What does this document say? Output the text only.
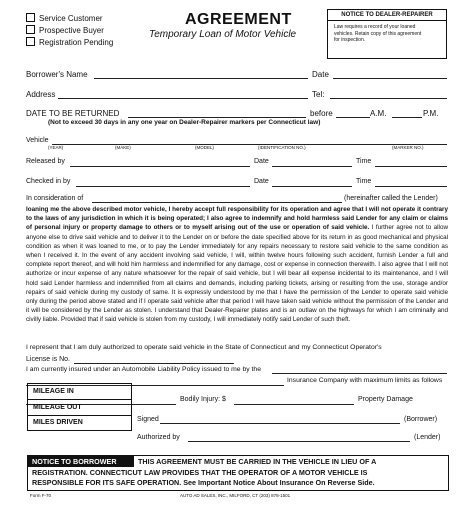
Service Customer
Prospective Buyer
Registration Pending
AGREEMENT
Temporary Loan of Motor Vehicle
NOTICE TO DEALER-REPAIRER
Law requires a record of your loaned
vehicles. Retain copy of this agreement
for inspection.
Borrower's Name	Date
Address	Tel:
DATE TO BE RETURNED	before	A.M.	P.M.
(Not to exceed 30 days in any one year on Dealer-Repairer markers per Connecticut law)
Vehicle
(YEAR)	(MAKE)	(MODEL)	(IDENTIFICATION NO.)	(MARKER NO.)
Released by	Date	Time
Checked in by	Date	Time
In consideration of	(hereinafter called the Lender)
loaning me the above described motor vehicle, I hereby accept full responsibility for its operation and agree that I will not operate it contrary to the laws of any jurisdiction in which it is being operated; I also agree to indemnify and hold harmless said Lender for any claim or claims of personal injury or property damage to others or to myself arising out of the use or operation of said vehicle. I further agree not to allow anyone else to drive said vehicle and to deliver it to the Lender on or before the date specified above for its return in as good mechanical and physical condition as when it was loaned to me, or to pay the Lender immediately for any repairs necessary to restore said vehicle to the same condition as when I received it. In the event of any accident involving said vehicle, I will, within twelve hours following such accident, furnish Lender a full and complete report thereof, and will hold him harmless and indemnified for any damage, cost or expense in connection therewith. I also agree that I will not authorize or incur expense of any nature whatsoever for the repair of said vehicle, but I will bear all expense incidental to its maintenance, and I will hold said Lender harmless and indemnified from all claims and demands, including parking tickets, arising or resulting from the use, storage and/or repairs of said vehicle during my custody of same. It is expressly understood by me that I have the permission of the Lender to operate said vehicle only during the period above stated and if I operate said vehicle after that period I will have taken said vehicle without the permission of the Lender and it will be considered by the Lender as stolen. I understand that Dealer-Repairer plates and is an outlaw on the highways for which I am criminally and civilly liable. Provided that if said vehicle is stolen from my custody, I will immediately notify said Lender of such theft.
I represent that I am duly authorized to operate said vehicle in the State of Connecticut and my Connecticut Operator's
License is No.
I am currently insured under an Automobile Liability Policy issued to me by the
Insurance Company with maximum limits as follows
Bodily Injury: $	Property Damage
MILEAGE IN
MILEAGE OUT
MILES DRIVEN	Signed	(Borrower)
Authorized by	(Lender)
NOTICE TO BORROWER	THIS AGREEMENT MUST BE CARRIED IN THE VEHICLE IN LIEU OF A
REGISTRATION. CONNECTICUT LAW PROVIDES THAT THE OPERATOR OF A MOTOR VEHICLE IS
RESPONSIBLE FOR ITS SAFE OPERATION. See Important Notice About Insurance On Reverse Side.
Form F-70	AUTO AD SALES, INC., MILFORD, CT (203) 878-1501
